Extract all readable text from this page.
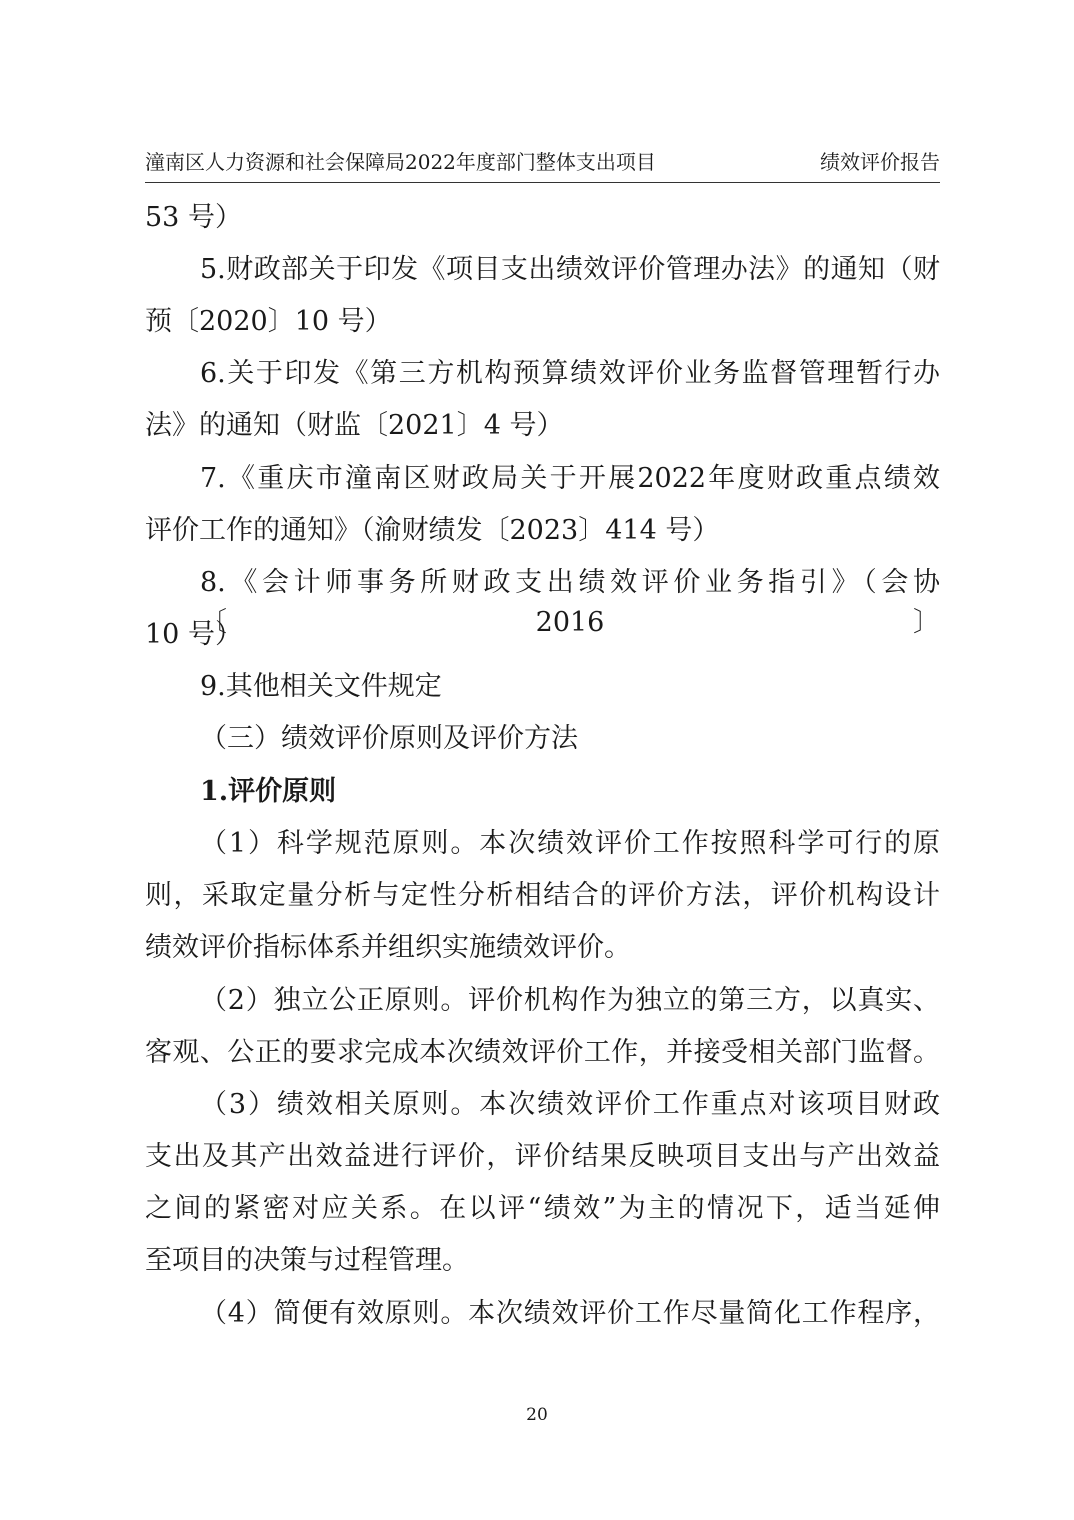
潼南区人力资源和社会保障局2022年度部门整体支出项目	绩效评价报告
53 号）
5.财政部关于印发《项目支出绩效评价管理办法》的通知（财
预〔2020〕10 号）
6.关于印发《第三方机构预算绩效评价业务监督管理暂行办
法》的通知（财监〔2021〕4 号）
7.《重庆市潼南区财政局关于开展2022年度财政重点绩效
评价工作的通知》（渝财绩发〔2023〕414 号）
8.《会计师事务所财政支出绩效评价业务指引》（会协〔2016〕
10 号）
9.其他相关文件规定
（三）绩效评价原则及评价方法
1.评价原则
（1）科学规范原则。本次绩效评价工作按照科学可行的原
则，采取定量分析与定性分析相结合的评价方法，评价机构设计
绩效评价指标体系并组织实施绩效评价。
（2）独立公正原则。评价机构作为独立的第三方，以真实、
客观、公正的要求完成本次绩效评价工作，并接受相关部门监督。
（3）绩效相关原则。本次绩效评价工作重点对该项目财政
支出及其产出效益进行评价，评价结果反映项目支出与产出效益
之间的紧密对应关系。在以评“绩效”为主的情况下，适当延伸
至项目的决策与过程管理。
（4）简便有效原则。本次绩效评价工作尽量简化工作程序，
20
